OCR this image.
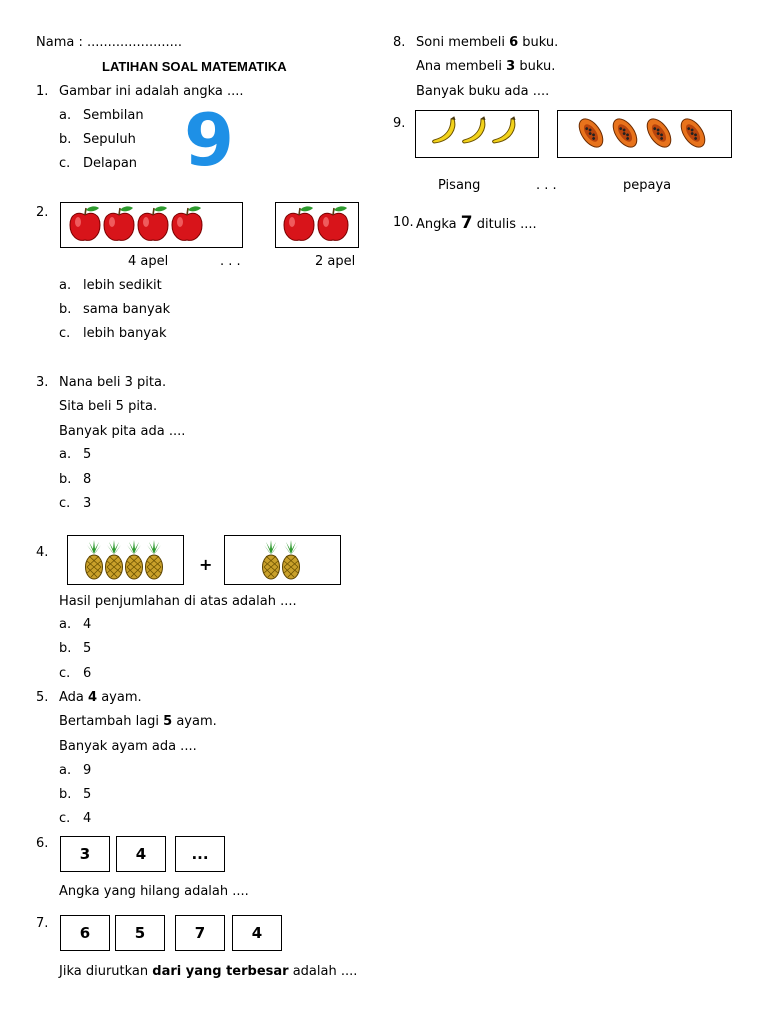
Nama : .......................
LATIHAN SOAL MATEMATIKA
1. Gambar ini adalah angka ....
a. Sembilan
b. Sepuluh
c. Delapan 9
2.
4 apel	. . .	2 apel
a. lebih sedikit
b. sama banyak
c. lebih banyak
3. Nana beli 3 pita.
Sita beli 5 pita.
Banyak pita ada ....
a. 5
b. 8
c. 3
4.
+
Hasil penjumlahan di atas adalah ....
a. 4
b. 5
c. 6
5. Ada 4 ayam.
Bertambah lagi 5 ayam.
Banyak ayam ada ....
a. 9
b. 5
c. 4
6.
3	4	...
Angka yang hilang adalah ....
7.
6	5	7	4
Jika diurutkan dari yang terbesar adalah ....
8. Soni membeli 6 buku.
Ana membeli 3 buku.
Banyak buku ada ....
9.
Pisang	. . .	pepaya
10. Angka 7 ditulis ....
